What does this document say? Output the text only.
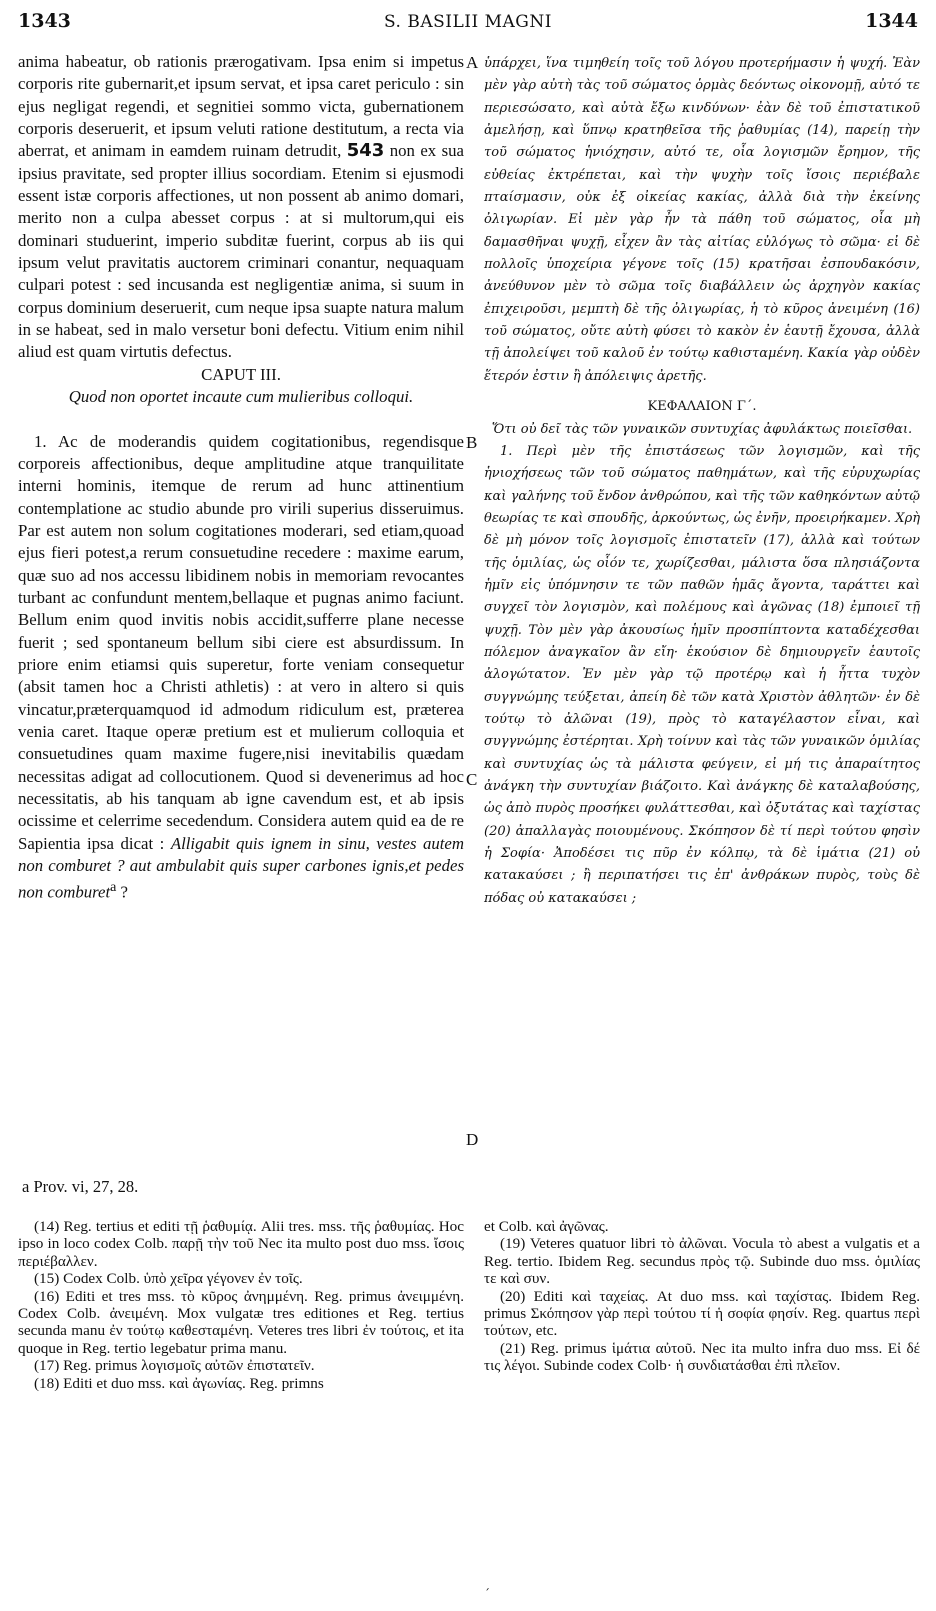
1343	S. BASILII MAGNI	1344
A
B
C
D

anima habeatur, ob rationis prærogativam. Ipsa enim si impetus corporis rite gubernarit,et ipsum servat, et ipsa caret periculo : sin ejus negligat regendi, et segnitiei sommo victa, gubernationem corporis deseruerit, et ipsum veluti ratione destitutum, a recta via aberrat, et animam in eamdem ruinam detrudit, 543 non ex sua ipsius pravitate, sed propter illius socordiam. Etenim si ejusmodi essent istæ corporis affectiones, ut non possent ab animo domari, merito non a culpa abesset corpus : at si multorum,qui eis dominari studuerint, imperio subditæ fuerint, corpus ab iis qui ipsum velut pravitatis auctorem criminari conantur, nequaquam culpari potest : sed incusanda est negligentiæ anima, si suum in corpus dominium deseruerit, cum neque ipsa suapte natura malum in se habeat, sed in malo versetur boni defectu. Vitium enim nihil aliud est quam virtutis defectus.

CAPUT III.

Quod non oportet incaute cum mulieribus colloqui.

1. Ac de moderandis quidem cogitationibus, regendisque corporeis affectionibus, deque amplitudine atque tranquilitate interni hominis, itemque de rerum ad hunc attinentium contemplatione ac studio abunde pro virili superius disseruimus. Par est autem non solum cogitationes moderari, sed etiam,quoad ejus fieri potest,a rerum consuetudine recedere : maxime earum, quæ suo ad nos accessu libidinem nobis in memoriam revocantes turbant ac confundunt mentem,bellaque et pugnas animo faciunt. Bellum enim quod invitis nobis accidit,sufferre plane necesse fuerit ; sed spontaneum bellum sibi ciere est absurdissum. In priore enim etiamsi quis superetur, forte veniam consequetur (absit tamen hoc a Christi athletis) : at vero in altero si quis vincatur,præterquamquod id admodum ridiculum est, præterea venia caret. Itaque operæ pretium est et mulierum colloquia et consuetudines quam maxime fugere,nisi inevitabilis quædam necessitas adigat ad collocutionem. Quod si devenerimus ad hoc necessitatis, ab his tanquam ab igne cavendum est, et ab ipsis ocissime et celerrime secedendum. Considera autem quid ea de re Sapientia ipsa dicat : Alligabit quis ignem in sinu, vestes autem non comburet ? aut ambulabit quis super carbones ignis,et pedes non comburet$^a$ ?

ὑπάρχει, ἵνα τιμηθείη τοῖς τοῦ λόγου προτερήμασιν ἡ ψυχή. Ἐὰν μὲν γὰρ αὐτὴ τὰς τοῦ σώματος ὁρμὰς δεόντως οἰκονομῇ, αὐτό τε περιεσώσατο, καὶ αὐτὰ ἔξω κινδύνων· ἐὰν δὲ τοῦ ἐπιστατικοῦ ἀμελήσῃ, καὶ ὕπνῳ κρατηθεῖσα τῆς ῥαθυμίας (14), παρείῃ τὴν τοῦ σώματος ἡνιόχησιν, αὐτό τε, οἷα λογισμῶν ἔρημον, τῆς εὐθείας ἐκτρέπεται, καὶ τὴν ψυχὴν τοῖς ἴσοις περιέβαλε πταίσμασιν, οὐκ ἐξ οἰκείας κακίας, ἀλλὰ διὰ τὴν ἐκείνης ὀλιγωρίαν. Εἰ μὲν γὰρ ἦν τὰ πάθη τοῦ σώματος, οἷα μὴ δαμασθῆναι ψυχῇ, εἶχεν ἂν τὰς αἰτίας εὐλόγως τὸ σῶμα· εἰ δὲ πολλοῖς ὑποχείρια γέγονε τοῖς (15) κρατῆσαι ἐσπουδακόσιν, ἀνεύθυνον μὲν τὸ σῶμα τοῖς διαβάλλειν ὡς ἀρχηγὸν κακίας ἐπιχειροῦσι, μεμπτὴ δὲ τῆς ὀλιγωρίας, ἡ τὸ κῦρος ἀνειμένη (16) τοῦ σώματος, οὔτε αὐτὴ φύσει τὸ κακὸν ἐν ἑαυτῇ ἔχουσα, ἀλλὰ τῇ ἀπολείψει τοῦ καλοῦ ἐν τούτῳ καθισταμένη. Κακία γὰρ οὐδὲν ἕτερόν ἐστιν ἢ ἀπόλειψις ἀρετῆς.

ΚΕΦΑΛΑΙΟΝ Γ΄.

Ὅτι οὐ δεῖ τὰς τῶν γυναικῶν συντυχίας ἀφυλάκτως ποιεῖσθαι.

1. Περὶ μὲν τῆς ἐπιστάσεως τῶν λογισμῶν, καὶ τῆς ἡνιοχήσεως τῶν τοῦ σώματος παθημάτων, καὶ τῆς εὐρυχωρίας καὶ γαλήνης τοῦ ἔνδον ἀνθρώπου, καὶ τῆς τῶν καθηκόντων αὐτῷ θεωρίας τε καὶ σπουδῆς, ἀρκούντως, ὡς ἐνῆν, προειρήκαμεν. Χρὴ δὲ μὴ μόνον τοῖς λογισμοῖς ἐπιστατεῖν (17), ἀλλὰ καὶ τούτων τῆς ὁμιλίας, ὡς οἷόν τε, χωρίζεσθαι, μάλιστα ὅσα πλησιάζοντα ἡμῖν εἰς ὑπόμνησιν τε τῶν παθῶν ἡμᾶς ἄγοντα, ταράττει καὶ συγχεῖ τὸν λογισμὸν, καὶ πολέμους καὶ ἀγῶνας (18) ἐμποιεῖ τῇ ψυχῇ. Τὸν μὲν γὰρ ἀκουσίως ἡμῖν προσπίπτοντα καταδέχεσθαι πόλεμον ἀναγκαῖον ἂν εἴη· ἑκούσιον δὲ δημιουργεῖν ἑαυτοῖς ἀλογώτατον. Ἐν μὲν γὰρ τῷ προτέρῳ καὶ ἡ ἧττα τυχὸν συγγνώμης τεύξεται, ἀπείη δὲ τῶν κατὰ Χριστὸν ἀθλητῶν· ἐν δὲ τούτῳ τὸ ἀλῶναι (19), πρὸς τὸ καταγέλαστον εἶναι, καὶ συγγνώμης ἐστέρηται. Χρὴ τοίνυν καὶ τὰς τῶν γυναικῶν ὁμιλίας καὶ συντυχίας ὡς τὰ μάλιστα φεύγειν, εἰ μή τις ἀπαραίτητος ἀνάγκη τὴν συντυχίαν βιάζοιτο. Καὶ ἀνάγκης δὲ καταλαβούσης, ὡς ἀπὸ πυρὸς προσήκει φυλάττεσθαι, καὶ ὀξυτάτας καὶ ταχίστας (20) ἀπαλλαγὰς ποιουμένους. Σκόπησον δὲ τί περὶ τούτου φησὶν ἡ Σοφία· Ἀποδέσει τις πῦρ ἐν κόλπῳ, τὰ δὲ ἱμάτια (21) οὐ κατακαύσει ; ἢ περιπατήσει τις ἐπ' ἀνθράκων πυρὸς, τοὺς δὲ πόδας οὐ κατακαύσει ;

a Prov. vi, 27, 28.

(14) Reg. tertius et editi τῇ ῥαθυμίᾳ. Alii tres. mss. τῆς ῥαθυμίας. Hoc ipso in loco codex Colb. παρῇ τὴν τοῦ Nec ita multo post duo mss. ἴσοις περιέβαλλεν.

(15) Codex Colb. ὑπὸ χεῖρα γέγονεν ἐν τοῖς.

(16) Editi et tres mss. τὸ κῦρος ἀνημμένη. Reg. primus ἀνειμμένη. Codex Colb. ἀνειμένη. Mox vulgatæ tres editiones et Reg. tertius secunda manu ἐν τούτῳ καθεσταμένη. Veteres tres libri ἐν τούτοις, et ita quoque in Reg. tertio legebatur prima manu.

(17) Reg. primus λογισμοῖς αὐτῶν ἐπιστατεῖν.

(18) Editi et duo mss. καὶ ἀγωνίας. Reg. primns

et Colb. καὶ ἀγῶνας.

(19) Veteres quatuor libri τὸ ἀλῶναι. Vocula τὸ abest a vulgatis et a Reg. tertio. Ibidem Reg. secundus πρὸς τῷ. Subinde duo mss. ὁμιλίας τε καὶ συν.

(20) Editi καὶ ταχείας. At duo mss. καὶ ταχίστας. Ibidem Reg. primus Σκόπησον γὰρ περὶ τούτου τί ἡ σοφία φησίν. Reg. quartus περὶ τούτων, etc.

(21) Reg. primus ἱμάτια αὐτοῦ. Nec ita multo infra duo mss. Εἰ δέ τις λέγοι. Subinde codex Colb· ἡ συνδιατάσθαι ἐπὶ πλεῖον.

´
